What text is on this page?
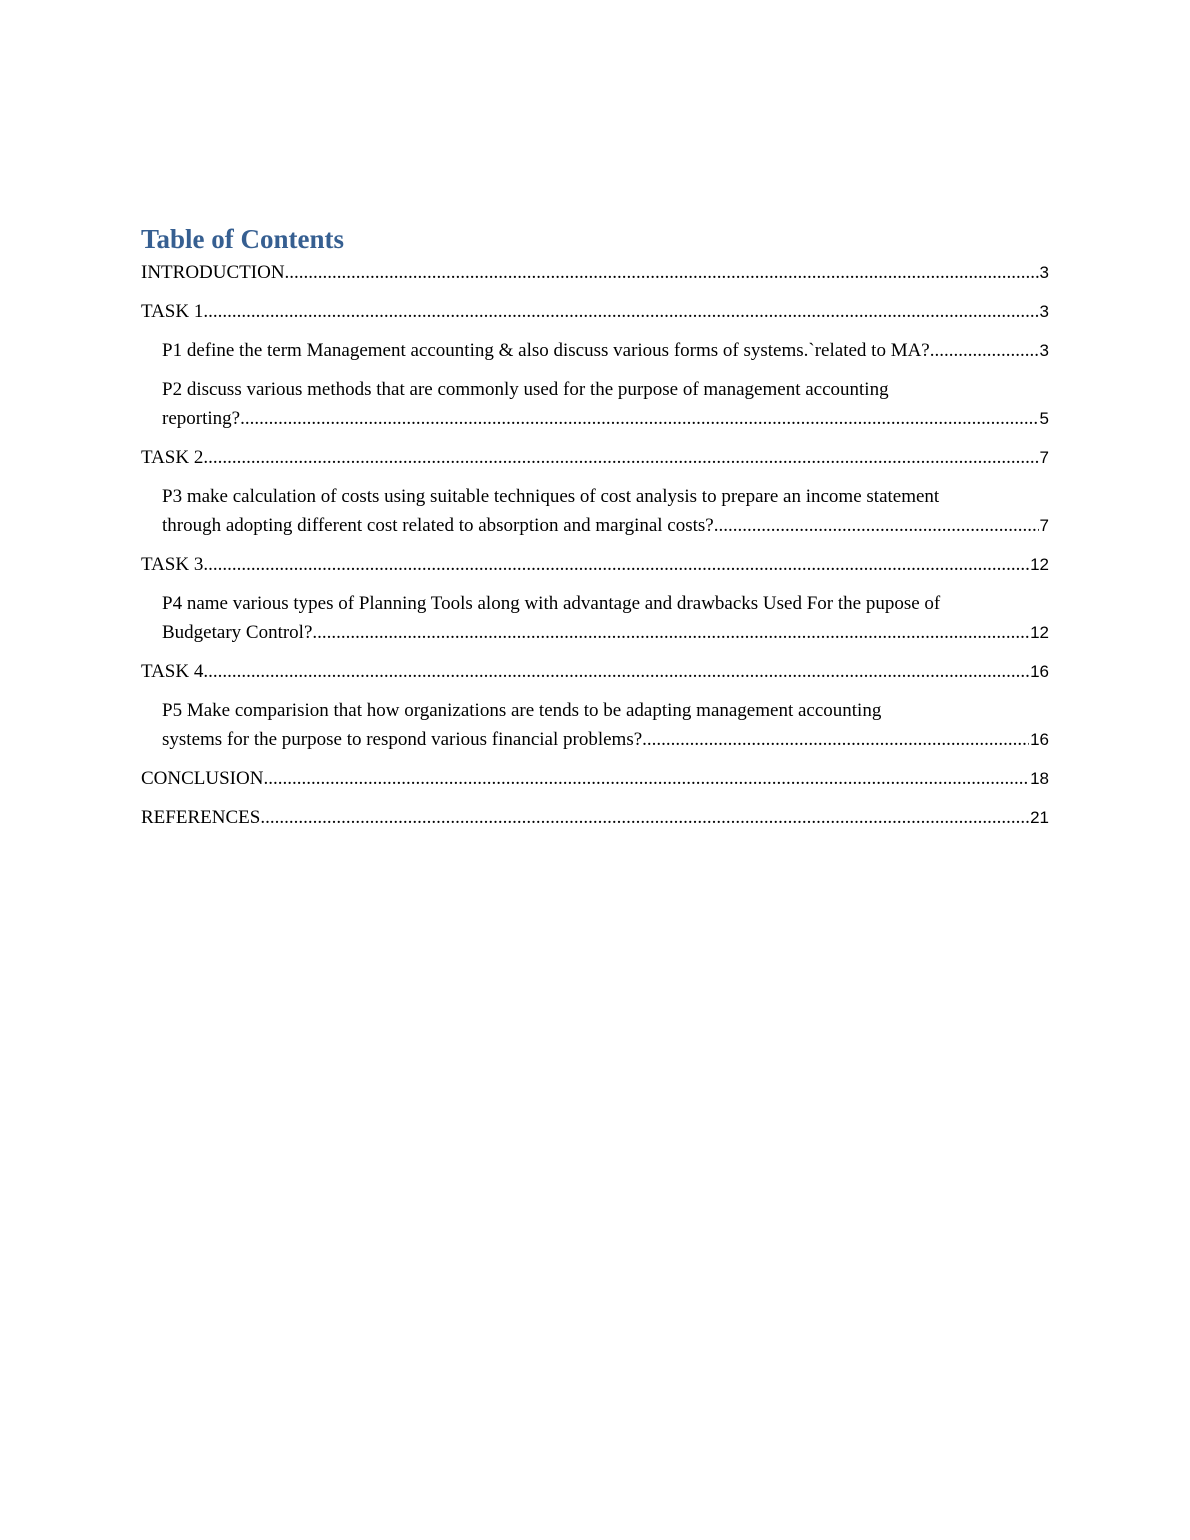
Table of Contents
INTRODUCTION .....	3
TASK 1 .....	3
P1 define the term Management accounting & also discuss various forms of systems.`related to MA? .....	3
P2 discuss various methods that are commonly used for the purpose of management accounting
reporting? .....	5
TASK 2 .....	7
P3 make calculation of costs using suitable techniques of cost analysis to prepare an income statement
through adopting different cost related to absorption and marginal costs? .....	7
TASK 3 .....	12
P4 name various types of Planning Tools along with advantage and drawbacks Used For the pupose of
Budgetary Control? .....	12
TASK 4 .....	16
P5 Make comparision that how organizations are tends to be adapting management accounting
systems for the purpose to respond various financial problems? .....	16
CONCLUSION .....	18
REFERENCES .....	21
